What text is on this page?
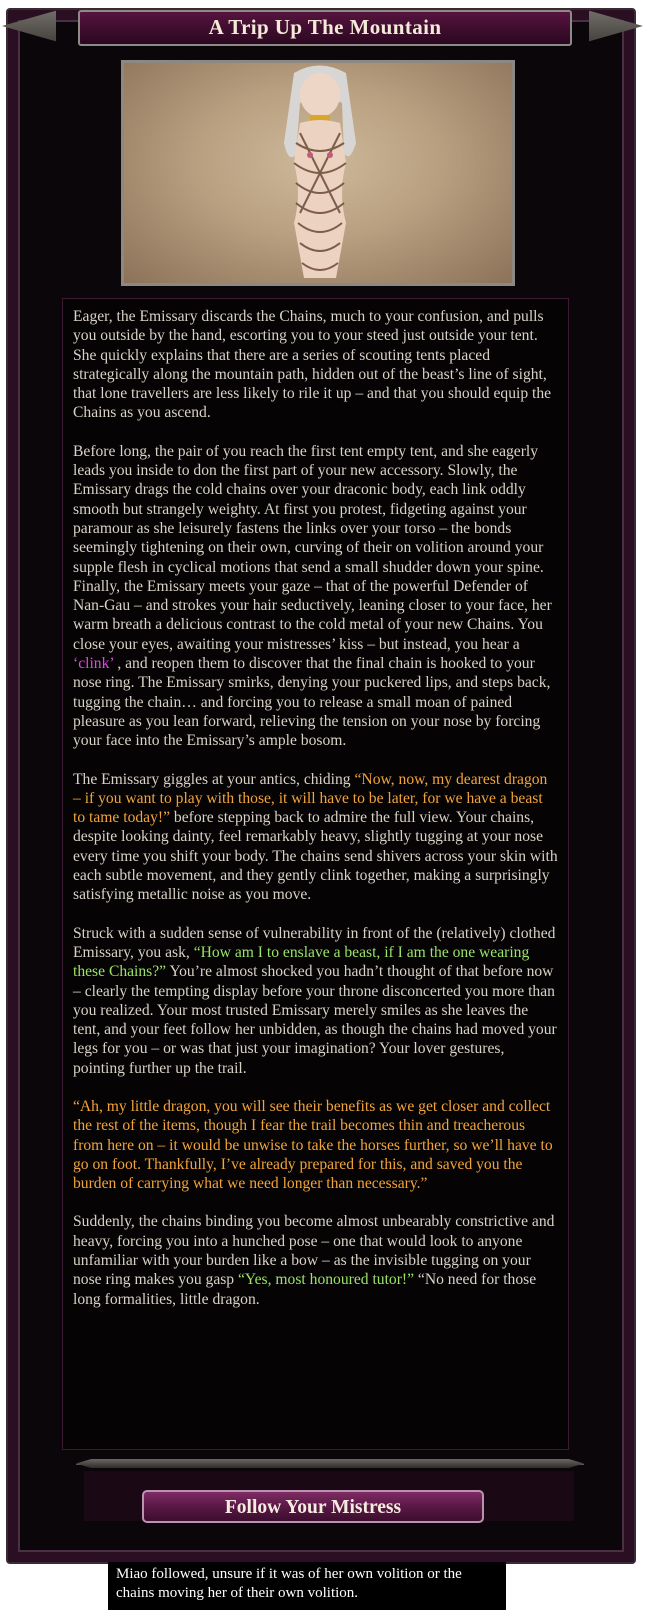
A Trip Up The Mountain

Eager, the Emissary discards the Chains, much to your confusion, and pulls you outside by the hand, escorting you to your steed just outside your tent. She quickly explains that there are a series of scouting tents placed strategically along the mountain path, hidden out of the beast’s line of sight, that lone travellers are less likely to rile it up – and that you should equip the Chains as you ascend.

Before long, the pair of you reach the first tent empty tent, and she eagerly leads you inside to don the first part of your new accessory. Slowly, the Emissary drags the cold chains over your draconic body, each link oddly smooth but strangely weighty. At first you protest, fidgeting against your paramour as she leisurely fastens the links over your torso – the bonds seemingly tightening on their own, curving of their on volition around your supple flesh in cyclical motions that send a small shudder down your spine. Finally, the Emissary meets your gaze – that of the powerful Defender of Nan-Gau – and strokes your hair seductively, leaning closer to your face, her warm breath a delicious contrast to the cold metal of your new Chains. You close your eyes, awaiting your mistresses’ kiss – but instead, you hear a ‘clink’ , and reopen them to discover that the final chain is hooked to your nose ring. The Emissary smirks, denying your puckered lips, and steps back, tugging the chain… and forcing you to release a small moan of pained pleasure as you lean forward, relieving the tension on your nose by forcing your face into the Emissary’s ample bosom.

The Emissary giggles at your antics, chiding “Now, now, my dearest dragon – if you want to play with those, it will have to be later, for we have a beast to tame today!” before stepping back to admire the full view. Your chains, despite looking dainty, feel remarkably heavy, slightly tugging at your nose every time you shift your body. The chains send shivers across your skin with each subtle movement, and they gently clink together, making a surprisingly satisfying metallic noise as you move.

Struck with a sudden sense of vulnerability in front of the (relatively) clothed Emissary, you ask, “How am I to enslave a beast, if I am the one wearing these Chains?” You’re almost shocked you hadn’t thought of that before now – clearly the tempting display before your throne disconcerted you more than you realized. Your most trusted Emissary merely smiles as she leaves the tent, and your feet follow her unbidden, as though the chains had moved your legs for you – or was that just your imagination? Your lover gestures, pointing further up the trail.

“Ah, my little dragon, you will see their benefits as we get closer and collect the rest of the items, though I fear the trail becomes thin and treacherous from here on – it would be unwise to take the horses further, so we’ll have to go on foot. Thankfully, I’ve already prepared for this, and saved you the burden of carrying what we need longer than necessary.”

Suddenly, the chains binding you become almost unbearably constrictive and heavy, forcing you into a hunched pose – one that would look to anyone unfamiliar with your burden like a bow – as the invisible tugging on your nose ring makes you gasp “Yes, most honoured tutor!” “No need for those long formalities, little dragon.

Follow Your Mistress
Miao followed, unsure if it was of her own volition or the chains moving her of their own volition.
